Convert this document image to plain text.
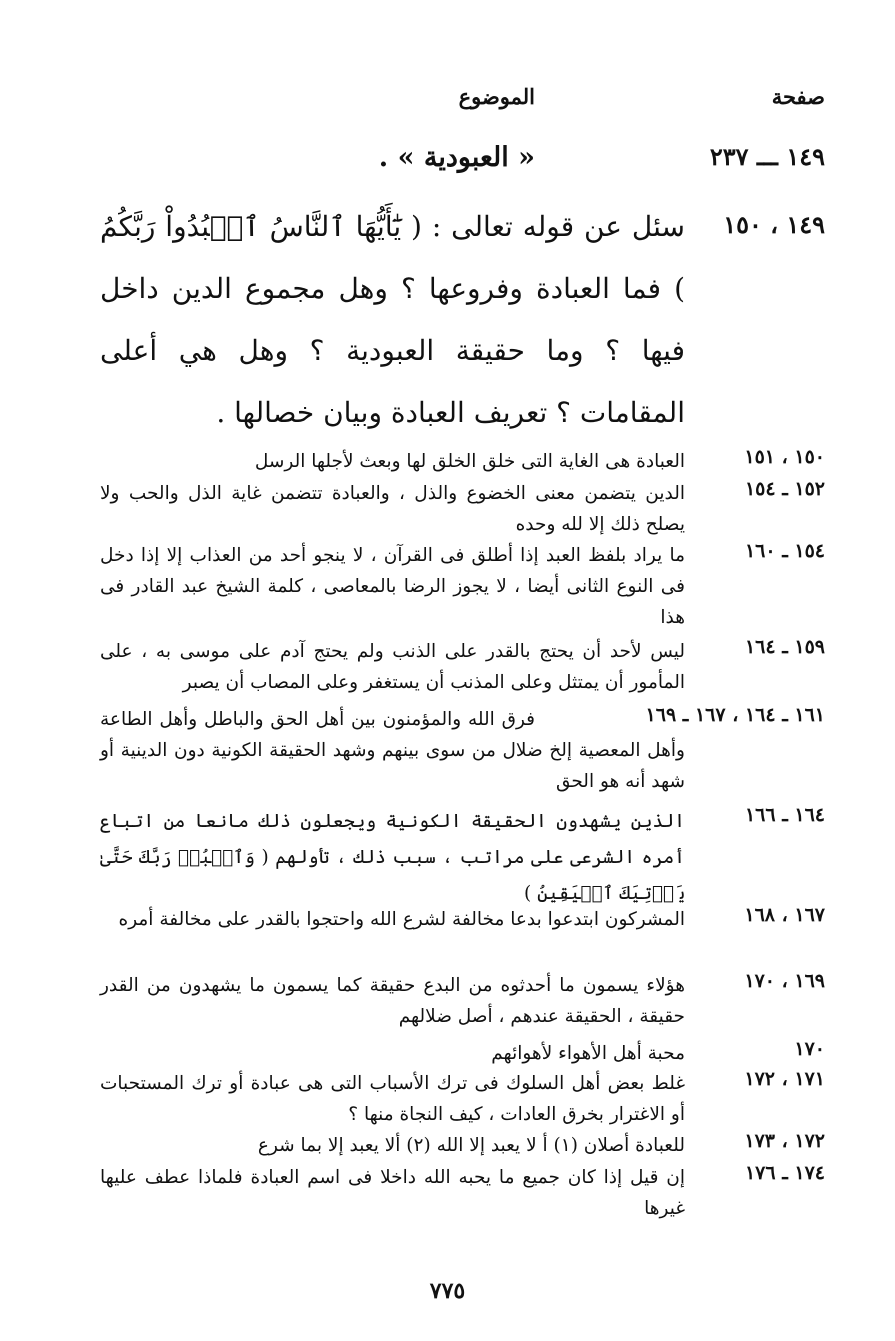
صفحة
الموضوع
١٤٩ ـــ ٢٣٧
« العبودية » .
١٤٩ ، ١٥٠
سئل عن قوله تعالى : ( يَٰٓأَيُّهَا ٱلنَّاسُ ٱعۡبُدُواْ رَبَّكُمُ ) فما العبادة وفروعها ؟ وهل مجموع الدين داخل فيها ؟ وما حقيقة العبودية ؟ وهل هي أعلى المقامات ؟ تعريف العبادة وبيان خصالها .
١٥٠ ، ١٥١
العبادة هى الغاية التى خلق الخلق لها وبعث لأجلها الرسل
١٥٢ ـ ١٥٤
الدين يتضمن معنى الخضوع والذل ، والعبادة تتضمن غاية الذل والحب ولا يصلح ذلك إلا لله وحده
١٥٤ ـ ١٦٠
ما يراد بلفظ العبد إذا أطلق فى القرآن ، لا ينجو أحد من العذاب إلا إذا دخل فى النوع الثانى أيضا ، لا يجوز الرضا بالمعاصى ، كلمة الشيخ عبد القادر فى هذا
١٥٩ ـ ١٦٤
ليس لأحد أن يحتج بالقدر على الذنب ولم يحتج آدم على موسى به ، على المأمور أن يمتثل وعلى المذنب أن يستغفر وعلى المصاب أن يصبر
١٦١ ـ ١٦٤ ، ١٦٧ ـ ١٦٩
فرق الله والمؤمنون بين أهل الحق والباطل وأهل الطاعة وأهل المعصية إلخ ضلال من سوى بينهم وشهد الحقيقة الكونية دون الدينية أو شهد أنه هو الحق
١٦٤ ـ ١٦٦
الذين يشهدون الحقيقة الكونية ويجعلون ذلك مانعا من اتباع أمره الشرعى على مراتب ، سبب ذلك ، تأولهم ( وَٱعۡبُدۡ رَبَّكَ حَتَّىٰ يَأۡتِيَكَ ٱلۡيَقِينُ )
١٦٧ ، ١٦٨
المشركون ابتدعوا بدعا مخالفة لشرع الله واحتجوا بالقدر على مخالفة أمره
١٦٩ ، ١٧٠
هؤلاء يسمون ما أحدثوه من البدع حقيقة كما يسمون ما يشهدون من القدر حقيقة ، الحقيقة عندهم ، أصل ضلالهم
١٧٠
محبة أهل الأهواء لأهوائهم
١٧١ ، ١٧٢
غلط بعض أهل السلوك فى ترك الأسباب التى هى عبادة أو ترك المستحبات أو الاغترار بخرق العادات ، كيف النجاة منها ؟
١٧٢ ، ١٧٣
للعبادة أصلان (١) أ لا يعبد إلا الله (٢) ألا يعبد إلا بما شرع
١٧٤ ـ ١٧٦
إن قيل إذا كان جميع ما يحبه الله داخلا فى اسم العبادة فلماذا عطف عليها غيرها
٧٧٥
